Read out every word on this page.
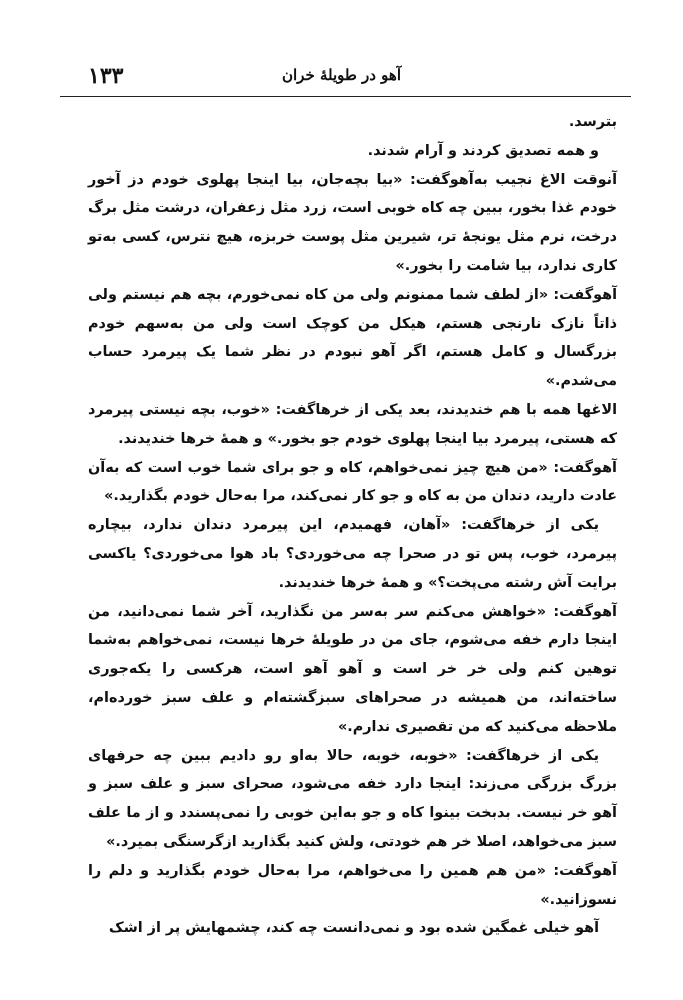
۱۳۳	آهو در طویلهٔ خران

بترسد.

و همه تصدیق کردند و آرام شدند.

آنوقت الاغ نجیب به‌آهوگفت: «بیا بچه‌جان، بیا اینجا پهلوی خودم دز آخور خودم غذا بخور، ببین چه کاه خوبی است، زرد مثل زعفران، درشت مثل برگ درخت، نرم مثل یونجهٔ تر، شیرین مثل پوست خربزه، هیچ نترس، کسی به‌تو کاری ندارد، بیا شامت را بخور.»

آهوگفت: «از لطف شما ممنونم ولی من کاه نمی‌خورم، بچه هم نیستم ولی ذاتاً نازک نارنجی هستم، هیکل من کوچک است ولی من به‌سهم خودم بزرگسال و کامل هستم، اگر آهو نبودم در نظر شما یک پیرمرد حساب می‌شدم.»

الاغها همه با هم خندیدند، بعد یکی از خرهاگفت: «خوب، بچه نیستی پیرمرد که هستی، پیرمرد بیا اینجا پهلوی خودم جو بخور.» و همهٔ خرها خندیدند.

آهوگفت: «من هیچ چیز نمی‌خواهم، کاه و جو برای شما خوب است که به‌آن عادت دارید، دندان من به کاه و جو کار نمی‌کند، مرا به‌حال خودم بگذارید.»

یکی از خرهاگفت: «آهان، فهمیدم، این پیرمرد دندان ندارد، بیچاره پیرمرد، خوب، پس تو در صحرا چه می‌خوردی؟ باد هوا می‌خوردی؟ یاکسی برایت آش رشته می‌پخت؟» و همهٔ خرها خندیدند.

آهوگفت: «خواهش می‌کنم سر به‌سر من نگذارید، آخر شما نمی‌دانید، من اینجا دارم خفه می‌شوم، جای من در طویلهٔ خرها نیست، نمی‌خواهم به‌شما توهین کنم ولی خر خر است و آهو آهو است، هرکسی را یکه‌جوری ساخته‌اند، من همیشه در صحراهای سبزگشته‌ام و علف سبز خورده‌ام، ملاحظه می‌کنید که من تقصیری ندارم.»

یکی از خرهاگفت: «خوبه، خوبه، حالا به‌او رو دادیم ببین چه حرفهای بزرگ بزرگی می‌زند: اینجا دارد خفه می‌شود، صحرای سبز و علف سبز و آهو خر نیست. بدبخت بینوا کاه و جو به‌این خوبی را نمی‌پسندد و از ما علف سبز می‌خواهد، اصلا خر هم خودتی، ولش کنید بگذارید ازگرسنگی بمیرد.»

آهوگفت: «من هم همین را می‌خواهم، مرا به‌حال خودم بگذارید و دلم را نسوزانید.»

آهو خیلی غمگین شده بود و نمی‌دانست چه کند، چشمهایش پر از اشک
